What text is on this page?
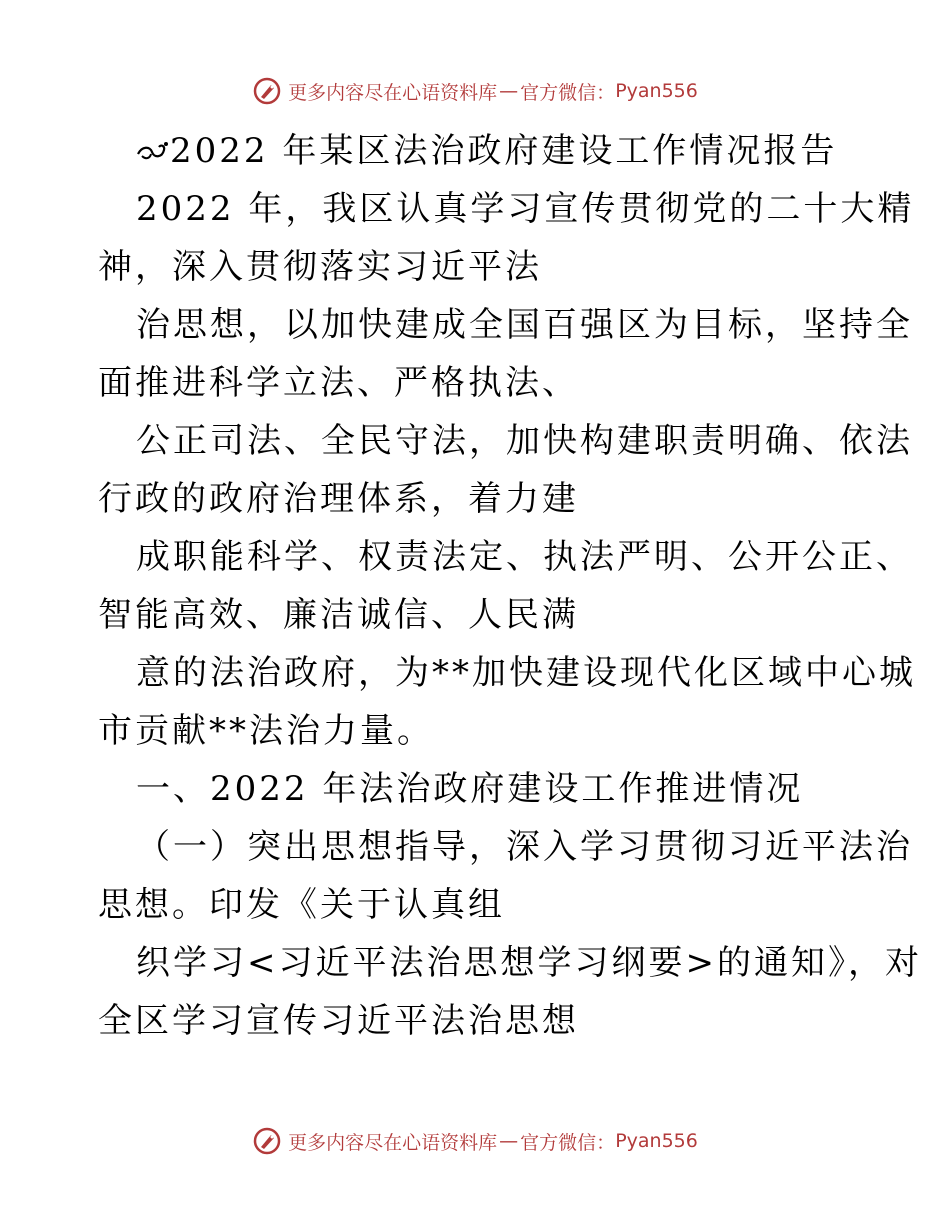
更多内容尽在心语资料库 — 官方微信： Pyan556
2022 年某区法治政府建设工作情况报告
2022 年，我区认真学习宣传贯彻党的二十大精
神，深入贯彻落实习近平法
治思想，以加快建成全国百强区为目标，坚持全
面推进科学立法、严格执法、
公正司法、全民守法，加快构建职责明确、依法
行政的政府治理体系，着力建
成职能科学、权责法定、执法严明、公开公正、
智能高效、廉洁诚信、人民满
意的法治政府，为**加快建设现代化区域中心城
市贡献**法治力量。
一、2022 年法治政府建设工作推进情况
（一）突出思想指导，深入学习贯彻习近平法治
思想。印发《关于认真组
织学习<习近平法治思想学习纲要>的通知》，对
全区学习宣传习近平法治思想
更多内容尽在心语资料库 — 官方微信： Pyan556
